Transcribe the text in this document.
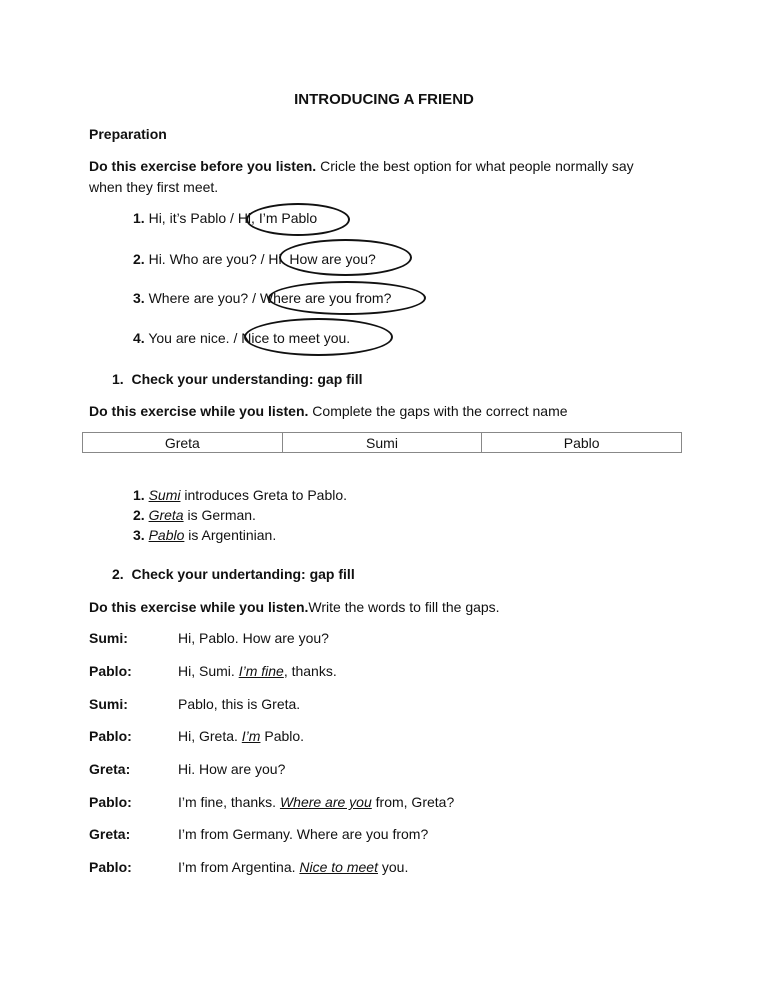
INTRODUCING A FRIEND
Preparation
Do this exercise before you listen. Cricle the best option for what people normally say
when they first meet.
1. Hi, it’s Pablo / Hi, I’m Pablo
2. Hi. Who are you? / Hi. How are you?
3. Where are you? / Where are you from?
4. You are nice. / Nice to meet you.
1. Check your understanding: gap fill
Do this exercise while you listen. Complete the gaps with the correct name
Greta	Sumi	Pablo
1. Sumi introduces Greta to Pablo.
2. Greta is German.
3. Pablo is Argentinian.
2. Check your undertanding: gap fill
Do this exercise while you listen.Write the words to fill the gaps.
Sumi:	Hi, Pablo. How are you?
Pablo:	Hi, Sumi. I’m fine, thanks.
Sumi:	Pablo, this is Greta.
Pablo:	Hi, Greta. I’m Pablo.
Greta:	Hi. How are you?
Pablo:	I’m fine, thanks. Where are you from, Greta?
Greta:	I’m from Germany. Where are you from?
Pablo:	I’m from Argentina. Nice to meet you.
